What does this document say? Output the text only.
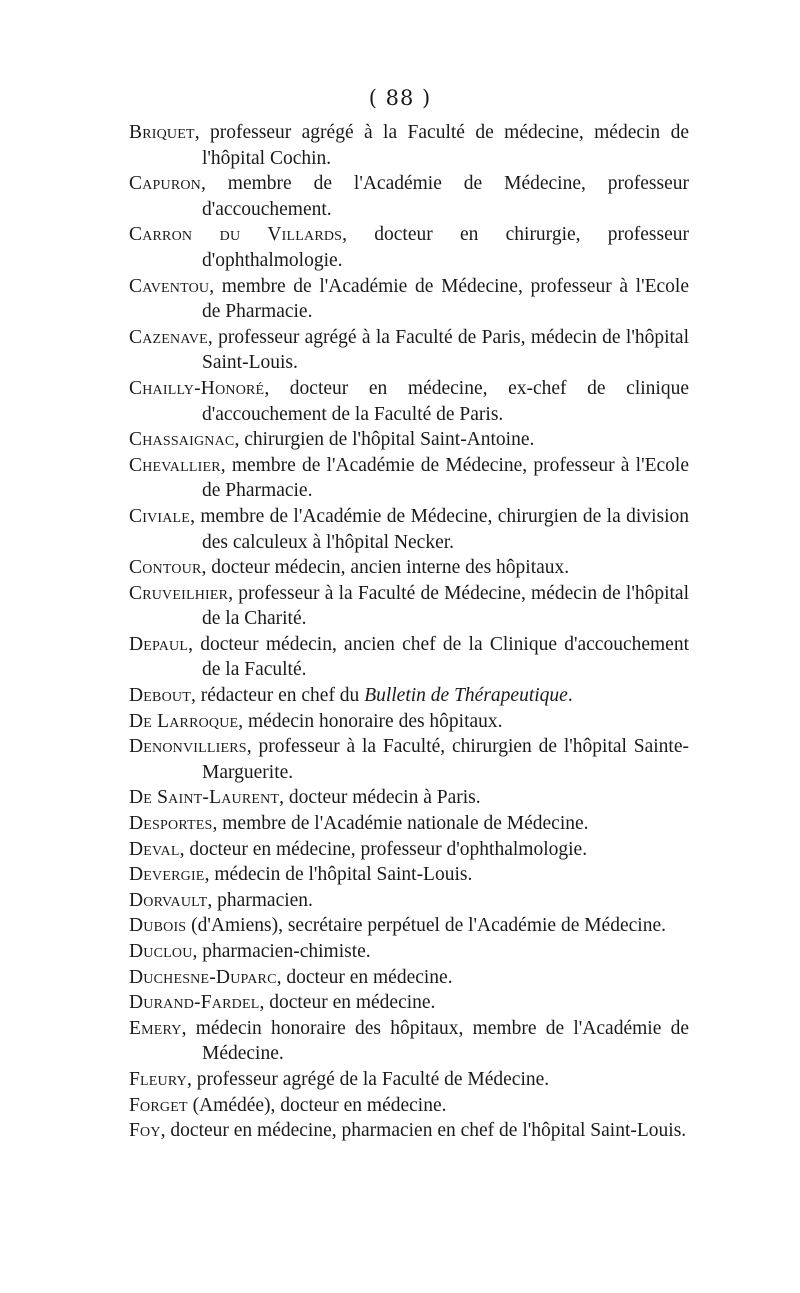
( 88 )
Briquet, professeur agrégé à la Faculté de médecine, médecin de l'hôpital Cochin.
Capuron, membre de l'Académie de Médecine, professeur d'accouchement.
Carron du Villards, docteur en chirurgie, professeur d'ophthalmologie.
Caventou, membre de l'Académie de Médecine, professeur à l'Ecole de Pharmacie.
Cazenave, professeur agrégé à la Faculté de Paris, médecin de l'hôpital Saint-Louis.
Chailly-Honoré, docteur en médecine, ex-chef de clinique d'accouchement de la Faculté de Paris.
Chassaignac, chirurgien de l'hôpital Saint-Antoine.
Chevallier, membre de l'Académie de Médecine, professeur à l'Ecole de Pharmacie.
Civiale, membre de l'Académie de Médecine, chirurgien de la division des calculeux à l'hôpital Necker.
Contour, docteur médecin, ancien interne des hôpitaux.
Cruveilhier, professeur à la Faculté de Médecine, médecin de l'hôpital de la Charité.
Depaul, docteur médecin, ancien chef de la Clinique d'accouchement de la Faculté.
Debout, rédacteur en chef du Bulletin de Thérapeutique.
De Larroque, médecin honoraire des hôpitaux.
Denonvilliers, professeur à la Faculté, chirurgien de l'hôpital Sainte-Marguerite.
De Saint-Laurent, docteur médecin à Paris.
Desportes, membre de l'Académie nationale de Médecine.
Deval, docteur en médecine, professeur d'ophthalmologie.
Devergie, médecin de l'hôpital Saint-Louis.
Dorvault, pharmacien.
Dubois (d'Amiens), secrétaire perpétuel de l'Académie de Médecine.
Duclou, pharmacien-chimiste.
Duchesne-Duparc, docteur en médecine.
Durand-Fardel, docteur en médecine.
Emery, médecin honoraire des hôpitaux, membre de l'Académie de Médecine.
Fleury, professeur agrégé de la Faculté de Médecine.
Forget (Amédée), docteur en médecine.
Foy, docteur en médecine, pharmacien en chef de l'hôpital Saint-Louis.
